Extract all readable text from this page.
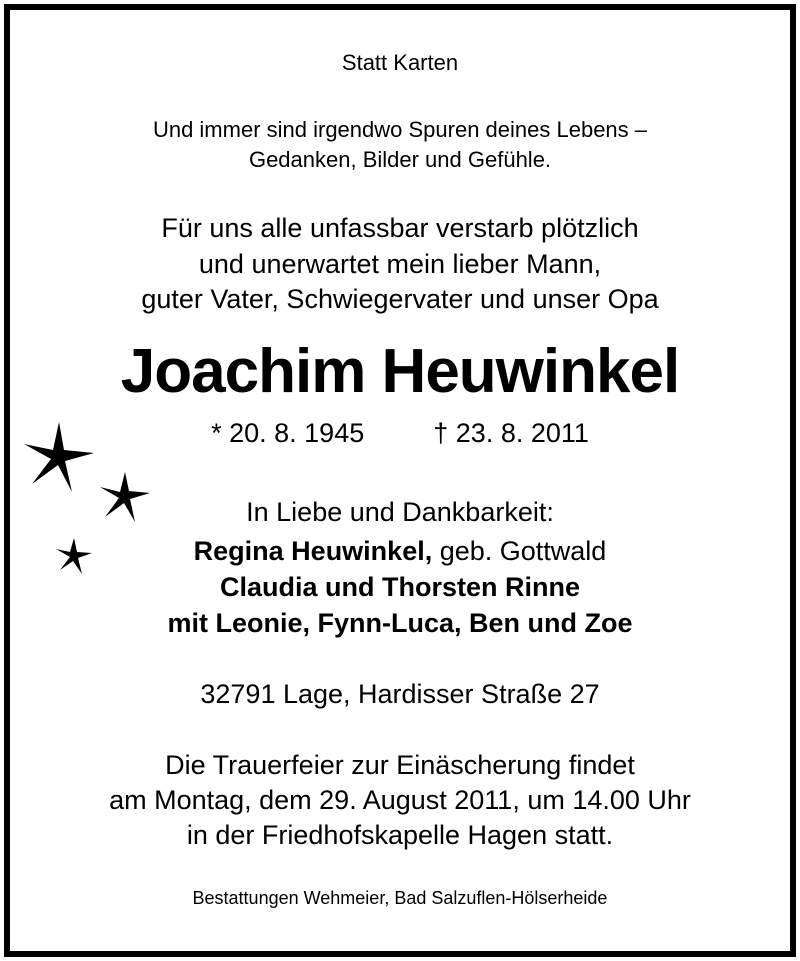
Statt Karten
Und immer sind irgendwo Spuren deines Lebens –
Gedanken, Bilder und Gefühle.
Für uns alle unfassbar verstarb plötzlich
und unerwartet mein lieber Mann,
guter Vater, Schwiegervater und unser Opa
Joachim Heuwinkel
* 20. 8. 1945	† 23. 8. 2011
In Liebe und Dankbarkeit:
Regina Heuwinkel, geb. Gottwald
Claudia und Thorsten Rinne
mit Leonie, Fynn-Luca, Ben und Zoe
32791 Lage, Hardisser Straße 27
Die Trauerfeier zur Einäscherung findet
am Montag, dem 29. August 2011, um 14.00 Uhr
in der Friedhofskapelle Hagen statt.
Bestattungen Wehmeier, Bad Salzuflen-Hölserheide
